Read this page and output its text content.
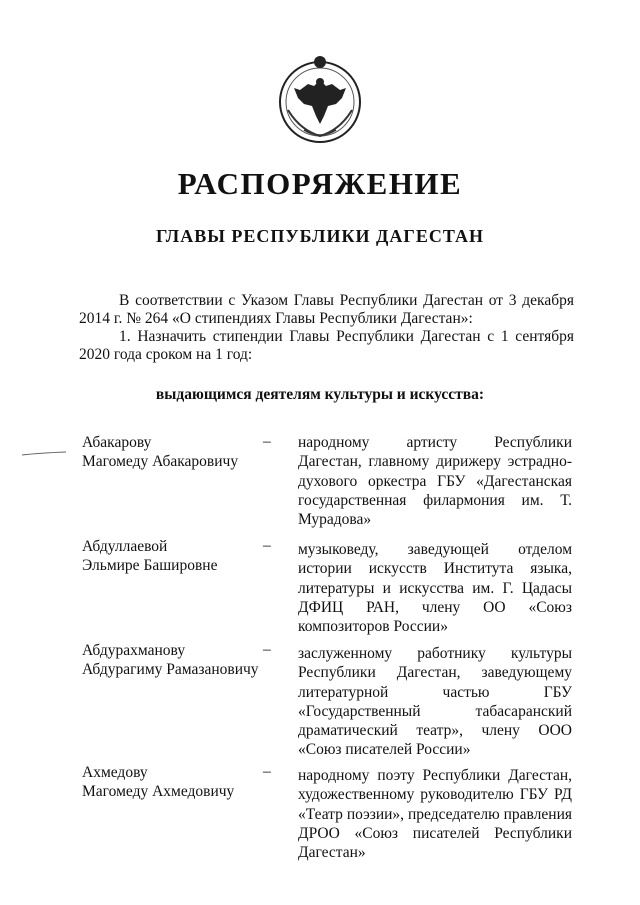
РАСПОРЯЖЕНИЕ
ГЛАВЫ РЕСПУБЛИКИ ДАГЕСТАН

В соответствии с Указом Главы Республики Дагестан от 3 декабря 2014 г. № 264 «О стипендиях Главы Республики Дагестан»:

1. Назначить стипендии Главы Республики Дагестан с 1 сентября 2020 года сроком на 1 год:

выдающимся деятелям культуры и искусства:
Абакарову
Магомеду Абакаровичу
– народному артисту Республики Дагестан, главному дирижеру эстрадно-духового оркестра ГБУ «Дагестанская государственная филармония им. Т. Мурадова»
Абдуллаевой
Эльмире Башировне
– музыковеду, заведующей отделом истории искусств Института языка, литературы и искусства им. Г. Цадасы ДФИЦ РАН, члену ОО «Союз композиторов России»
Абдурахманову
Абдурагиму Рамазановичу
– заслуженному работнику культуры Республики Дагестан, заведующему литературной частью ГБУ «Государственный табасаранский драматический театр», члену ООО «Союз писателей России»
Ахмедову
Магомеду Ахмедовичу
– народному поэту Республики Дагестан, художественному руководителю ГБУ РД «Театр поэзии», председателю правления ДРОО «Союз писателей Республики Дагестан»
